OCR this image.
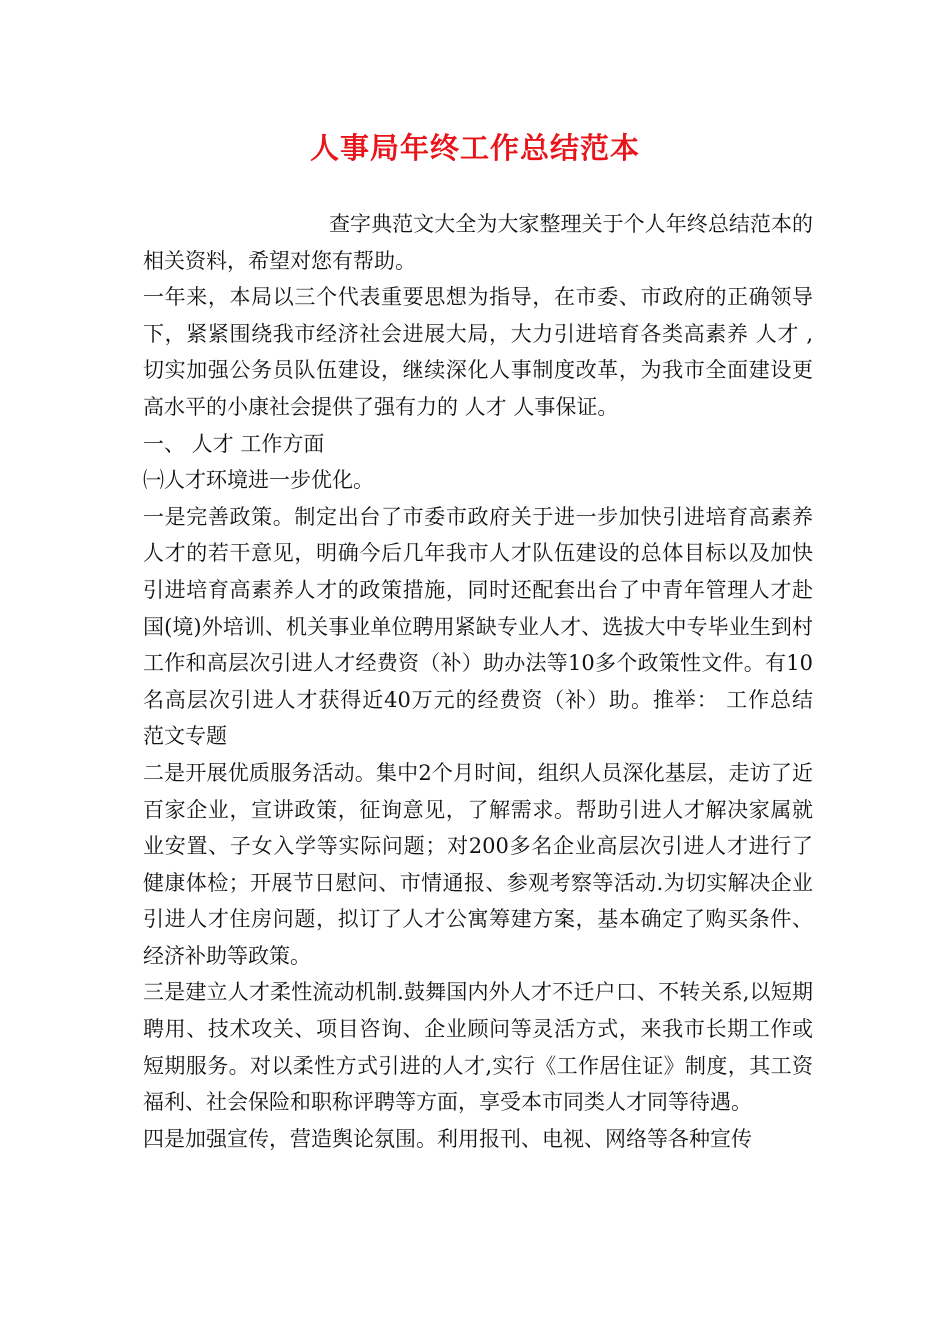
人事局年终工作总结范本

查字典范文大全为大家整理关于个人年终总结范本的相关资料，希望对您有帮助。

一年来，本局以三个代表重要思想为指导，在市委、市政府的正确领导下，紧紧围绕我市经济社会进展大局，大力引进培育各类高素养 人才 ,切实加强公务员队伍建设，继续深化人事制度改革，为我市全面建设更高水平的小康社会提供了强有力的 人才 人事保证。

一、 人才 工作方面

㈠人才环境进一步优化。

一是完善政策。制定出台了市委市政府关于进一步加快引进培育高素养人才的若干意见，明确今后几年我市人才队伍建设的总体目标以及加快引进培育高素养人才的政策措施，同时还配套出台了中青年管理人才赴国(境)外培训、机关事业单位聘用紧缺专业人才、选拔大中专毕业生到村工作和高层次引进人才经费资（补）助办法等10多个政策性文件。有10名高层次引进人才获得近40万元的经费资（补）助。推举： 工作总结 范文专题

二是开展优质服务活动。集中2个月时间，组织人员深化基层，走访了近百家企业，宣讲政策，征询意见，了解需求。帮助引进人才解决家属就业安置、子女入学等实际问题；对200多名企业高层次引进人才进行了健康体检；开展节日慰问、市情通报、参观考察等活动.为切实解决企业引进人才住房问题，拟订了人才公寓筹建方案，基本确定了购买条件、经济补助等政策。

三是建立人才柔性流动机制.鼓舞国内外人才不迁户口、不转关系,以短期聘用、技术攻关、项目咨询、企业顾问等灵活方式，来我市长期工作或短期服务。对以柔性方式引进的人才,实行《工作居住证》制度，其工资福利、社会保险和职称评聘等方面，享受本市同类人才同等待遇。

四是加强宣传，营造舆论氛围。利用报刊、电视、网络等各种宣传
